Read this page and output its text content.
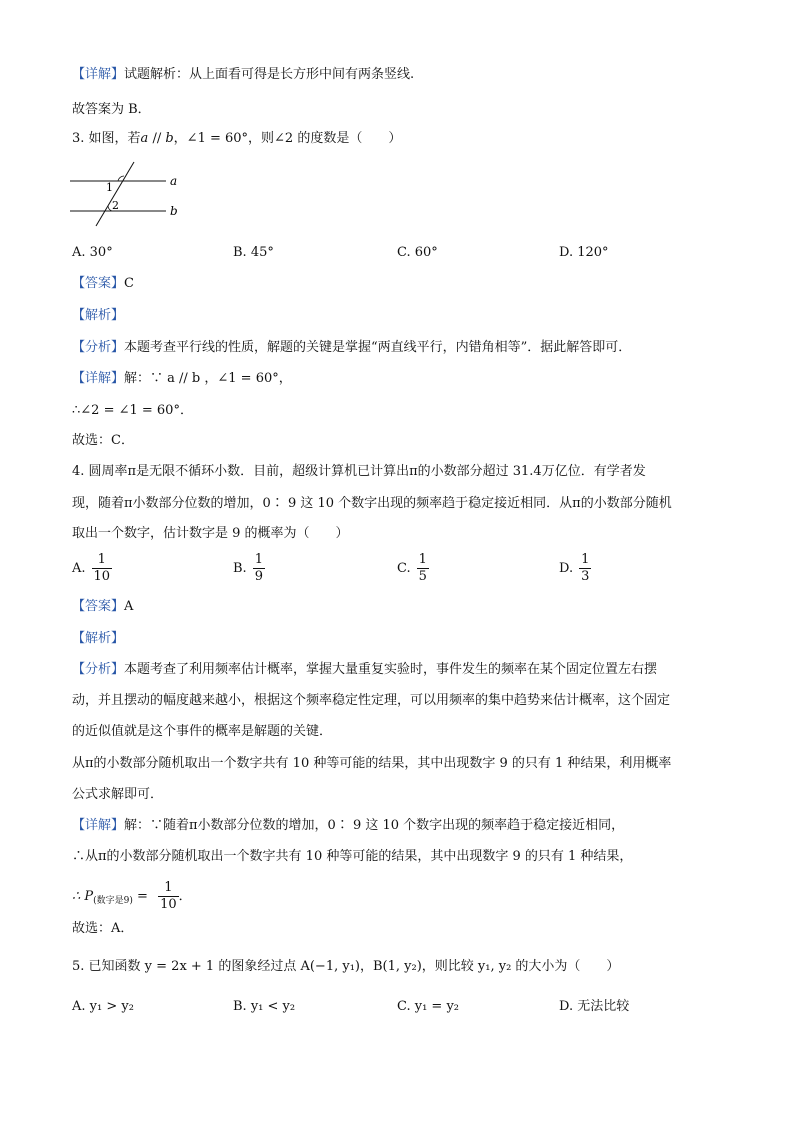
【详解】试题解析：从上面看可得是长方形中间有两条竖线.
故答案为 B．
3. 如图，若a // b，∠1 = 60°，则∠2 的度数是（　　）
a
b
1
2
A. 30°	B. 45°	C. 60°	D. 120°
【答案】C
【解析】
【分析】本题考查平行线的性质，解题的关键是掌握“两直线平行，内错角相等”．据此解答即可．
【详解】解：∵ a // b ，∠1 = 60°，
∴∠2 = ∠1 = 60°．
故选：C．
4. 圆周率π是无限不循环小数．目前，超级计算机已计算出π的小数部分超过 31.4万亿位．有学者发
现，随着π小数部分位数的增加，0∶ 9 这 10 个数字出现的频率趋于稳定接近相同．从π的小数部分随机
取出一个数字，估计数字是 9 的概率为（　　）
A. $\frac{1}{10}$	B. $\frac{1}{9}$	C. $\frac{1}{5}$	D. $\frac{1}{3}$
【答案】A
【解析】
【分析】本题考查了利用频率估计概率，掌握大量重复实验时，事件发生的频率在某个固定位置左右摆
动，并且摆动的幅度越来越小，根据这个频率稳定性定理，可以用频率的集中趋势来估计概率，这个固定
的近似值就是这个事件的概率是解题的关键．
从π的小数部分随机取出一个数字共有 10 种等可能的结果，其中出现数字 9 的只有 1 种结果，利用概率
公式求解即可．
【详解】解：∵随着π小数部分位数的增加，0∶ 9 这 10 个数字出现的频率趋于稳定接近相同，
∴从π的小数部分随机取出一个数字共有 10 种等可能的结果，其中出现数字 9 的只有 1 种结果，
∴ $P_{(数字是9)} = \frac{1}{10}$ ．
故选：A．
5. 已知函数 y = 2x + 1 的图象经过点 A(−1, y₁)，B(1, y₂)，则比较 y₁, y₂ 的大小为（　　）
A. y₁ > y₂	B. y₁ < y₂	C. y₁ = y₂	D. 无法比较
